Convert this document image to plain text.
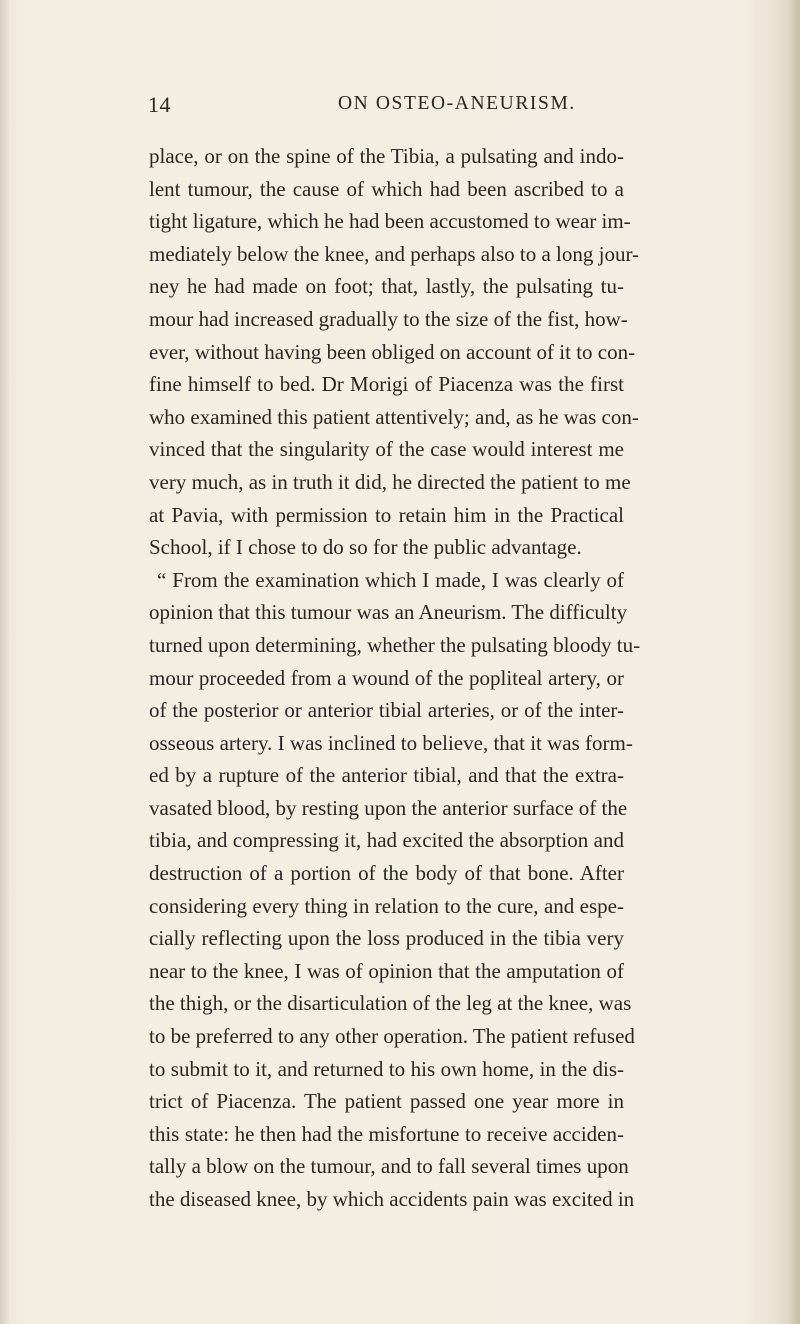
14	ON OSTEO-ANEURISM.
place, or on the spine of the Tibia, a pulsating and indo-
lent tumour, the cause of which had been ascribed to a
tight ligature, which he had been accustomed to wear im-
mediately below the knee, and perhaps also to a long jour-
ney he had made on foot; that, lastly, the pulsating tu-
mour had increased gradually to the size of the fist, how-
ever, without having been obliged on account of it to con-
fine himself to bed. Dr Morigi of Piacenza was the first
who examined this patient attentively; and, as he was con-
vinced that the singularity of the case would interest me
very much, as in truth it did, he directed the patient to me
at Pavia, with permission to retain him in the Practical
School, if I chose to do so for the public advantage.
“ From the examination which I made, I was clearly of
opinion that this tumour was an Aneurism. The difficulty
turned upon determining, whether the pulsating bloody tu-
mour proceeded from a wound of the popliteal artery, or
of the posterior or anterior tibial arteries, or of the inter-
osseous artery. I was inclined to believe, that it was form-
ed by a rupture of the anterior tibial, and that the extra-
vasated blood, by resting upon the anterior surface of the
tibia, and compressing it, had excited the absorption and
destruction of a portion of the body of that bone. After
considering every thing in relation to the cure, and espe-
cially reflecting upon the loss produced in the tibia very
near to the knee, I was of opinion that the amputation of
the thigh, or the disarticulation of the leg at the knee, was
to be preferred to any other operation. The patient refused
to submit to it, and returned to his own home, in the dis-
trict of Piacenza. The patient passed one year more in
this state: he then had the misfortune to receive acciden-
tally a blow on the tumour, and to fall several times upon
the diseased knee, by which accidents pain was excited in
